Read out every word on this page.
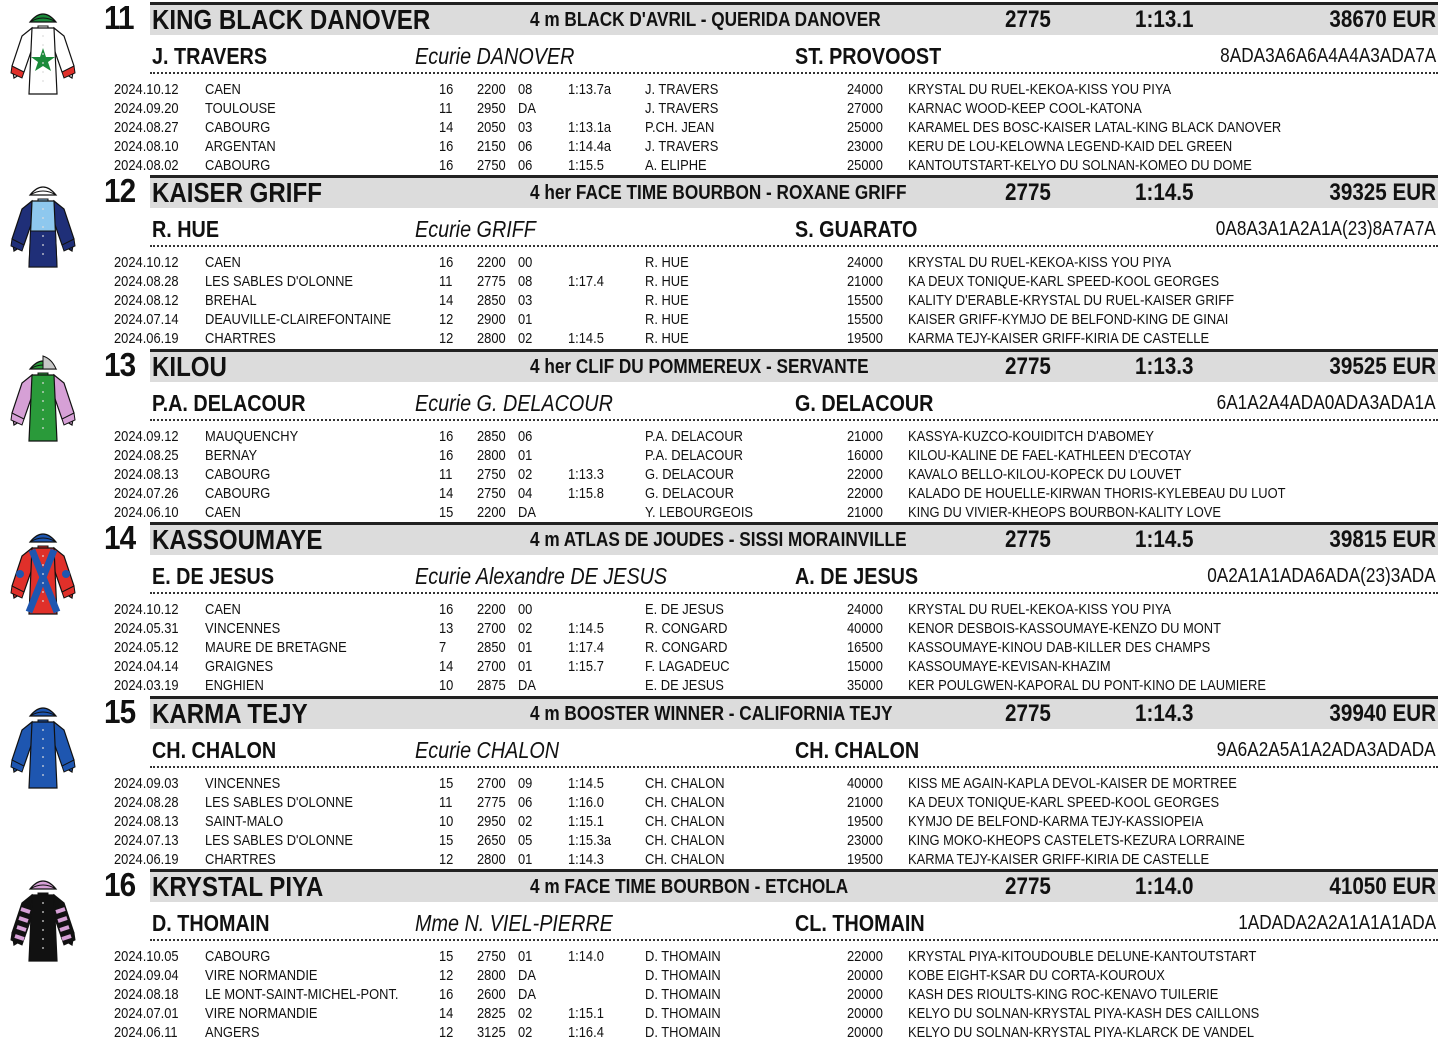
11 KING BLACK DANOVER	4 m BLACK D'AVRIL - QUERIDA DANOVER	2775	1:13.1	38670 EUR
J. TRAVERS	Ecurie DANOVER	ST. PROVOOST	8ADA3A6A6A4A4A3ADA7A
2024.10.12 CAEN	16 2200 08 1:13.7a J. TRAVERS	24000 KRYSTAL DU RUEL-KEKOA-KISS YOU PIYA
2024.09.20 TOULOUSE	11 2950 DA	J. TRAVERS	27000 KARNAC WOOD-KEEP COOL-KATONA
2024.08.27 CABOURG	14 2050 03 1:13.1a P.CH. JEAN	25000 KARAMEL DES BOSC-KAISER LATAL-KING BLACK DANOVER
2024.08.10 ARGENTAN	16 2150 06 1:14.4a J. TRAVERS	23000 KERU DE LOU-KELOWNA LEGEND-KAID DEL GREEN
2024.08.02 CABOURG	16 2750 06 1:15.5	A. ELIPHE	25000 KANTOUTSTART-KELYO DU SOLNAN-KOMEO DU DOME
12 KAISER GRIFF	4 her FACE TIME BOURBON - ROXANE GRIFF	2775	1:14.5	39325 EUR
R. HUE	Ecurie GRIFF	S. GUARATO	0A8A3A1A2A1A(23)8A7A7A
2024.10.12 CAEN	16 2200 00	R. HUE	24000 KRYSTAL DU RUEL-KEKOA-KISS YOU PIYA
2024.08.28 LES SABLES D'OLONNE	11 2775 08 1:17.4	R. HUE	21000 KA DEUX TONIQUE-KARL SPEED-KOOL GEORGES
2024.08.12 BREHAL	14 2850 03	R. HUE	15500 KALITY D'ERABLE-KRYSTAL DU RUEL-KAISER GRIFF
2024.07.14 DEAUVILLE-CLAIREFONTAINE	12 2900 01	R. HUE	15500 KAISER GRIFF-KYMJO DE BELFOND-KING DE GINAI
2024.06.19 CHARTRES	12 2800 02 1:14.5	R. HUE	19500 KARMA TEJY-KAISER GRIFF-KIRIA DE CASTELLE
13 KILOU	4 her CLIF DU POMMEREUX - SERVANTE	2775	1:13.3	39525 EUR
P.A. DELACOUR	Ecurie G. DELACOUR	G. DELACOUR	6A1A2A4ADA0ADA3ADA1A
2024.09.12 MAUQUENCHY	16 2850 06	P.A. DELACOUR	21000 KASSYA-KUZCO-KOUIDITCH D'ABOMEY
2024.08.25 BERNAY	16 2800 01	P.A. DELACOUR	16000 KILOU-KALINE DE FAEL-KATHLEEN D'ECOTAY
2024.08.13 CABOURG	11 2750 02 1:13.3	G. DELACOUR	22000 KAVALO BELLO-KILOU-KOPECK DU LOUVET
2024.07.26 CABOURG	14 2750 04 1:15.8	G. DELACOUR	22000 KALADO DE HOUELLE-KIRWAN THORIS-KYLEBEAU DU LUOT
2024.06.10 CAEN	15 2200 DA	Y. LEBOURGEOIS	21000 KING DU VIVIER-KHEOPS BOURBON-KALITY LOVE
14 KASSOUMAYE	4 m ATLAS DE JOUDES - SISSI MORAINVILLE	2775	1:14.5	39815 EUR
E. DE JESUS	Ecurie Alexandre DE JESUS	A. DE JESUS	0A2A1A1ADA6ADA(23)3ADA
2024.10.12 CAEN	16 2200 00	E. DE JESUS	24000 KRYSTAL DU RUEL-KEKOA-KISS YOU PIYA
2024.05.31 VINCENNES	13 2700 02 1:14.5	R. CONGARD	40000 KENOR DESBOIS-KASSOUMAYE-KENZO DU MONT
2024.05.12 MAURE DE BRETAGNE	7 2850 01 1:17.4	R. CONGARD	16500 KASSOUMAYE-KINOU DAB-KILLER DES CHAMPS
2024.04.14 GRAIGNES	14 2700 01 1:15.7	F. LAGADEUC	15000 KASSOUMAYE-KEVISAN-KHAZIM
2024.03.19 ENGHIEN	10 2875 DA	E. DE JESUS	35000 KER POULGWEN-KAPORAL DU PONT-KINO DE LAUMIERE
15 KARMA TEJY	4 m BOOSTER WINNER - CALIFORNIA TEJY	2775	1:14.3	39940 EUR
CH. CHALON	Ecurie CHALON	CH. CHALON	9A6A2A5A1A2ADA3ADADA
2024.09.03 VINCENNES	15 2700 09 1:14.5	CH. CHALON	40000 KISS ME AGAIN-KAPLA DEVOL-KAISER DE MORTREE
2024.08.28 LES SABLES D'OLONNE	11 2775 06 1:16.0	CH. CHALON	21000 KA DEUX TONIQUE-KARL SPEED-KOOL GEORGES
2024.08.13 SAINT-MALO	10 2950 02 1:15.1	CH. CHALON	19500 KYMJO DE BELFOND-KARMA TEJY-KASSIOPEIA
2024.07.13 LES SABLES D'OLONNE	15 2650 05 1:15.3a CH. CHALON	23000 KING MOKO-KHEOPS CASTELETS-KEZURA LORRAINE
2024.06.19 CHARTRES	12 2800 01 1:14.3	CH. CHALON	19500 KARMA TEJY-KAISER GRIFF-KIRIA DE CASTELLE
16 KRYSTAL PIYA	4 m FACE TIME BOURBON - ETCHOLA	2775	1:14.0	41050 EUR
D. THOMAIN	Mme N. VIEL-PIERRE	CL. THOMAIN	1ADADA2A2A1A1A1ADA
2024.10.05 CABOURG	15 2750 01 1:14.0	D. THOMAIN	22000 KRYSTAL PIYA-KITOUDOUBLE DELUNE-KANTOUTSTART
2024.09.04 VIRE NORMANDIE	12 2800 DA	D. THOMAIN	20000 KOBE EIGHT-KSAR DU CORTA-KOUROUX
2024.08.18 LE MONT-SAINT-MICHEL-PONT.	16 2600 DA	D. THOMAIN	20000 KASH DES RIOULTS-KING ROC-KENAVO TUILERIE
2024.07.01 VIRE NORMANDIE	14 2825 02 1:15.1	D. THOMAIN	20000 KELYO DU SOLNAN-KRYSTAL PIYA-KASH DES CAILLONS
2024.06.11 ANGERS	12 3125 02 1:16.4	D. THOMAIN	20000 KELYO DU SOLNAN-KRYSTAL PIYA-KLARCK DE VANDEL
